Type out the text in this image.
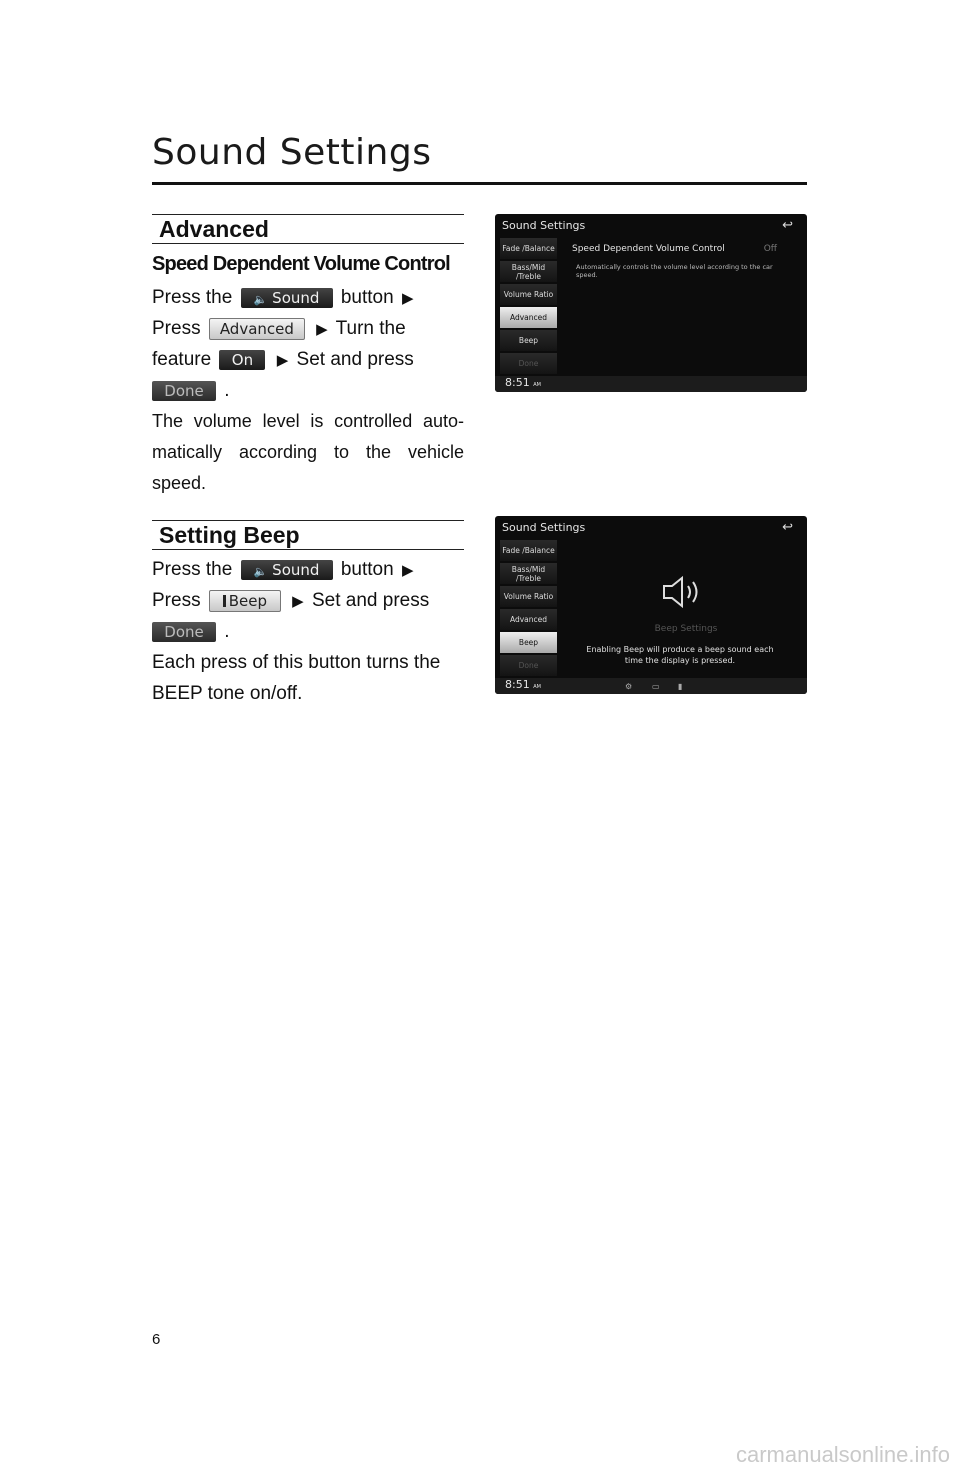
Sound Settings
Advanced
Speed Dependent Volume Control
Press the 🔈 Sound button ▶
Press Advanced ▶ Turn the
feature On ▶ Set and press
Done .
The volume level is controlled auto-matically according to the vehicle speed.
Setting Beep
Press the 🔈 Sound button ▶
Press Beep ▶ Set and press
Done .
Each press of this button turns the BEEP tone on/off.
Sound Settings	↩
Fade /Balance
Bass/Mid /Treble
Volume Ratio
Advanced
Beep
Done
Speed Dependent Volume Control	Off
Automatically controls the volume level according to the car speed.
8:51 AM
Sound Settings	↩
Fade /Balance
Bass/Mid /Treble
Volume Ratio
Advanced
Beep
Done
Beep Settings
Enabling Beep will produce a beep sound each time the display is pressed.
8:51 AM	⚙ ▭ ▮
6
carmanualsonline.info
